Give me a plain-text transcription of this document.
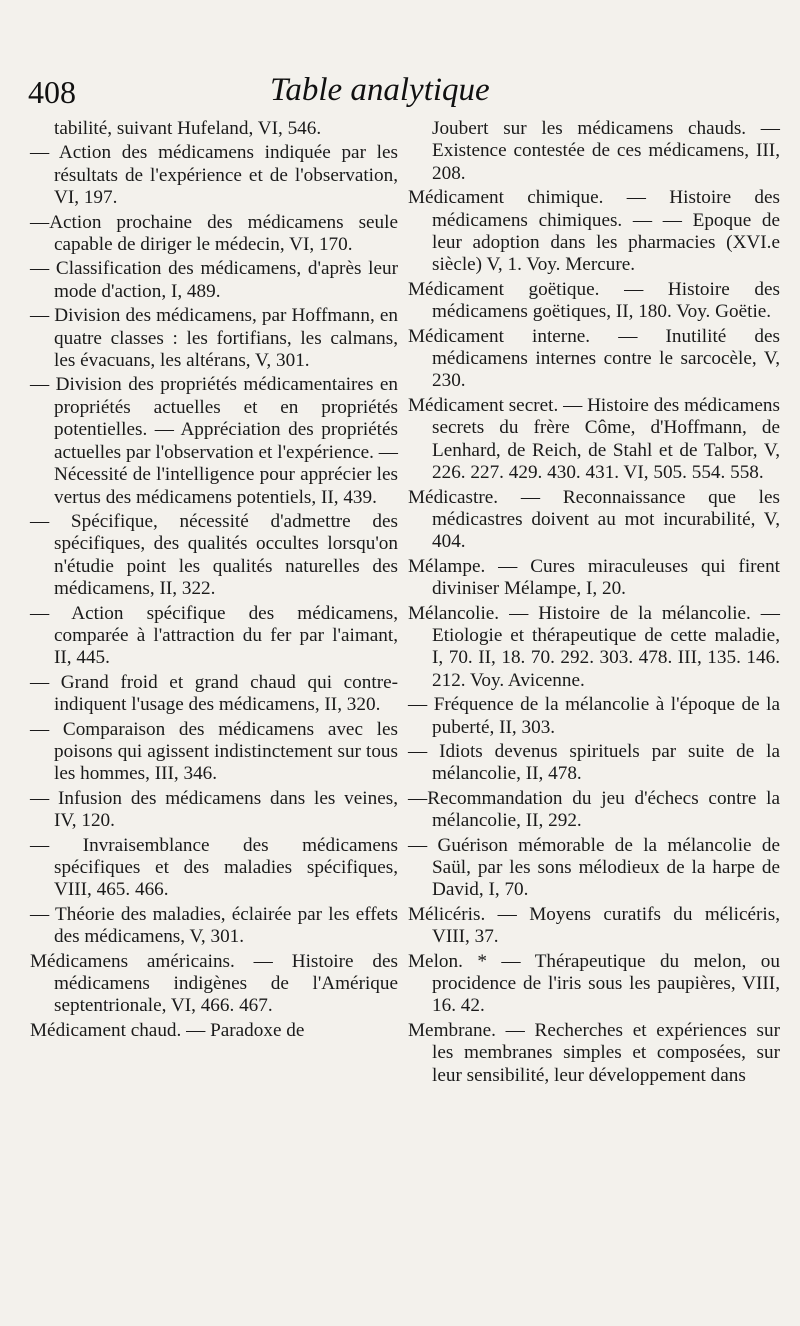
408	Table analytique

tabilité, suivant Hufeland, VI, 546.

— Action des médicamens indiquée par les résultats de l'expérience et de l'observation, VI, 197.

—Action prochaine des médicamens seule capable de diriger le médecin, VI, 170.

— Classification des médicamens, d'après leur mode d'action, I, 489.

— Division des médicamens, par Hoffmann, en quatre classes : les fortifians, les calmans, les évacuans, les altérans, V, 301.

— Division des propriétés médicamentaires en propriétés actuelles et en propriétés potentielles. — Appréciation des propriétés actuelles par l'observation et l'expérience. — Nécessité de l'intelligence pour apprécier les vertus des médicamens potentiels, II, 439.

— Spécifique, nécessité d'admettre des spécifiques, des qualités occultes lorsqu'on n'étudie point les qualités naturelles des médicamens, II, 322.

— Action spécifique des médicamens, comparée à l'attraction du fer par l'aimant, II, 445.

— Grand froid et grand chaud qui contre-indiquent l'usage des médicamens, II, 320.

— Comparaison des médicamens avec les poisons qui agissent indistinctement sur tous les hommes, III, 346.

— Infusion des médicamens dans les veines, IV, 120.

— Invraisemblance des médicamens spécifiques et des maladies spécifiques, VIII, 465. 466.

— Théorie des maladies, éclairée par les effets des médicamens, V, 301.

Médicamens américains. — Histoire des médicamens indigènes de l'Amérique septentrionale, VI, 466. 467.

Médicament chaud. — Paradoxe de

Joubert sur les médicamens chauds. — Existence contestée de ces médicamens, III, 208.

Médicament chimique. — Histoire des médicamens chimiques. — — Epoque de leur adoption dans les pharmacies (XVI.e siècle) V, 1. Voy. Mercure.

Médicament goëtique. — Histoire des médicamens goëtiques, II, 180. Voy. Goëtie.

Médicament interne. — Inutilité des médicamens internes contre le sarcocèle, V, 230.

Médicament secret. — Histoire des médicamens secrets du frère Côme, d'Hoffmann, de Lenhard, de Reich, de Stahl et de Talbor, V, 226. 227. 429. 430. 431. VI, 505. 554. 558.

Médicastre. — Reconnaissance que les médicastres doivent au mot incurabilité, V, 404.

Mélampe. — Cures miraculeuses qui firent diviniser Mélampe, I, 20.

Mélancolie. — Histoire de la mélancolie. — Etiologie et thérapeutique de cette maladie, I, 70. II, 18. 70. 292. 303. 478. III, 135. 146. 212. Voy. Avicenne.

— Fréquence de la mélancolie à l'époque de la puberté, II, 303.

— Idiots devenus spirituels par suite de la mélancolie, II, 478.

—Recommandation du jeu d'échecs contre la mélancolie, II, 292.

— Guérison mémorable de la mélancolie de Saül, par les sons mélodieux de la harpe de David, I, 70.

Mélicéris. — Moyens curatifs du mélicéris, VIII, 37.

Melon. * — Thérapeutique du melon, ou procidence de l'iris sous les paupières, VIII, 16. 42.

Membrane. — Recherches et expériences sur les membranes simples et composées, sur leur sensibilité, leur développement dans
